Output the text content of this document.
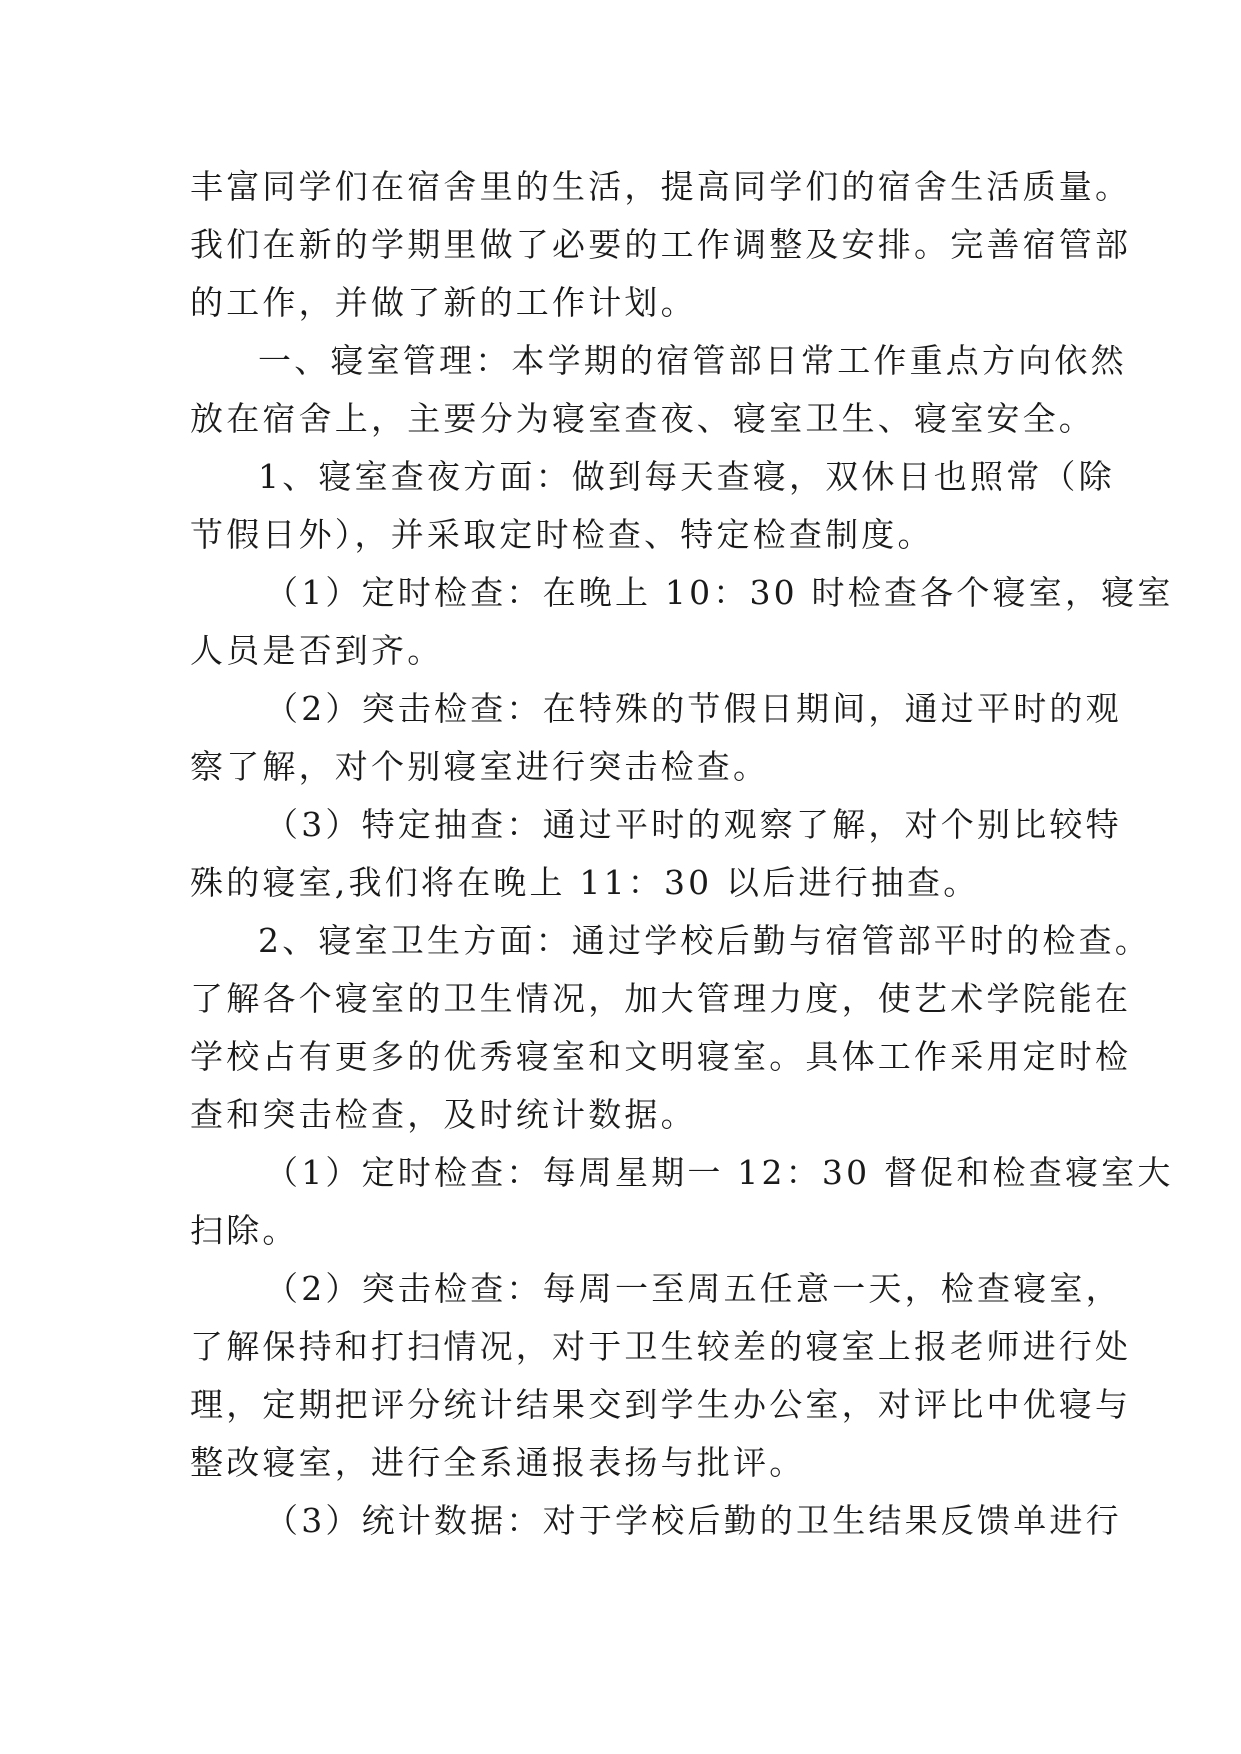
丰富同学们在宿舍里的生活，提高同学们的宿舍生活质量。
我们在新的学期里做了必要的工作调整及安排。完善宿管部
的工作，并做了新的工作计划。
一、寝室管理：本学期的宿管部日常工作重点方向依然
放在宿舍上，主要分为寝室查夜、寝室卫生、寝室安全。
1、寝室查夜方面：做到每天查寝，双休日也照常（除
节假日外），并采取定时检查、特定检查制度。
（1）定时检查：在晚上 10：30 时检查各个寝室，寝室
人员是否到齐。
（2）突击检查：在特殊的节假日期间，通过平时的观
察了解，对个别寝室进行突击检查。
（3）特定抽查：通过平时的观察了解，对个别比较特
殊的寝室,我们将在晚上 11：30 以后进行抽查。
2、寝室卫生方面：通过学校后勤与宿管部平时的检查。
了解各个寝室的卫生情况，加大管理力度，使艺术学院能在
学校占有更多的优秀寝室和文明寝室。具体工作采用定时检
查和突击检查，及时统计数据。
（1）定时检查：每周星期一 12：30 督促和检查寝室大
扫除。
（2）突击检查：每周一至周五任意一天，检查寝室，
了解保持和打扫情况，对于卫生较差的寝室上报老师进行处
理，定期把评分统计结果交到学生办公室，对评比中优寝与
整改寝室，进行全系通报表扬与批评。
（3）统计数据：对于学校后勤的卫生结果反馈单进行
